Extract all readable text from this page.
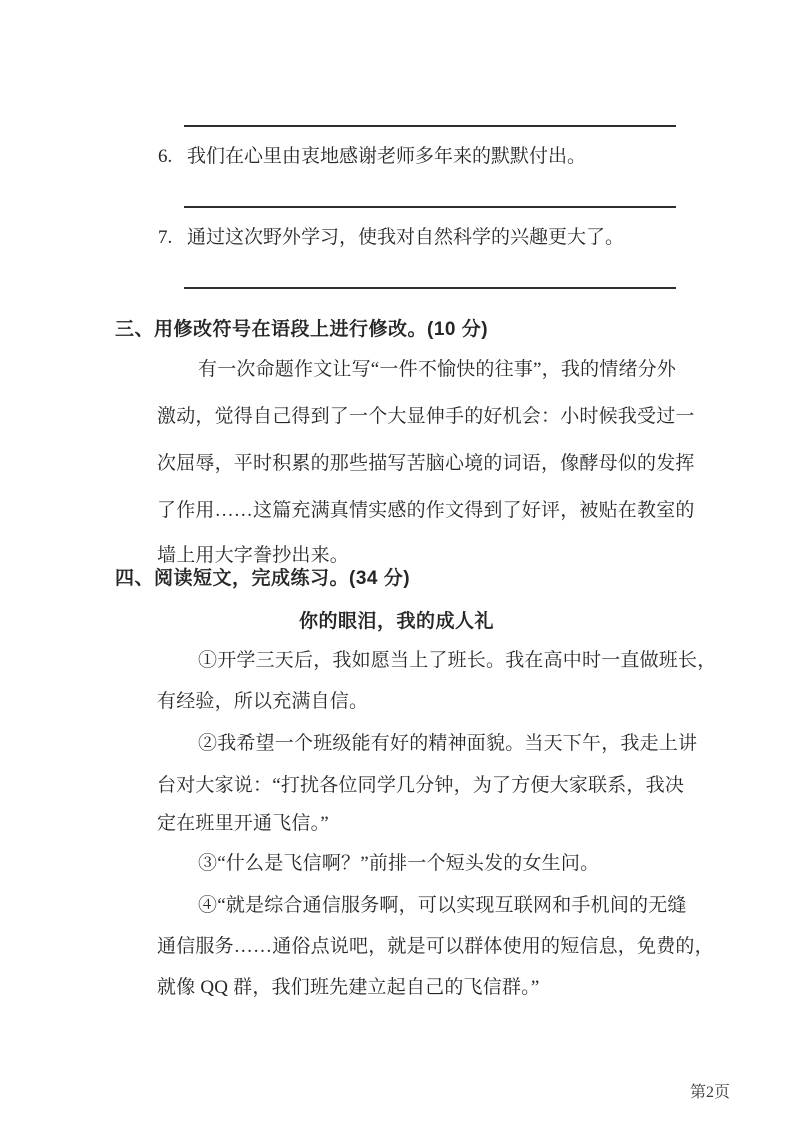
6. 我们在心里由衷地感谢老师多年来的默默付出。
7. 通过这次野外学习，使我对自然科学的兴趣更大了。
三、用修改符号在语段上进行修改。(10 分)
有一次命题作文让写“一件不愉快的往事”，我的情绪分外
激动，觉得自己得到了一个大显伸手的好机会：小时候我受过一
次屈辱，平时积累的那些描写苦脑心境的词语，像酵母似的发挥
了作用……这篇充满真情实感的作文得到了好评，被贴在教室的
墙上用大字誊抄出来。
四、阅读短文，完成练习。(34 分)
你的眼泪，我的成人礼
①开学三天后，我如愿当上了班长。我在高中时一直做班长，
有经验，所以充满自信。
②我希望一个班级能有好的精神面貌。当天下午，我走上讲
台对大家说：“打扰各位同学几分钟，为了方便大家联系，我决
定在班里开通飞信。”
③“什么是飞信啊？”前排一个短头发的女生问。
④“就是综合通信服务啊，可以实现互联网和手机间的无缝
通信服务……通俗点说吧，就是可以群体使用的短信息，免费的，
就像 QQ 群，我们班先建立起自己的飞信群。”
第2页
